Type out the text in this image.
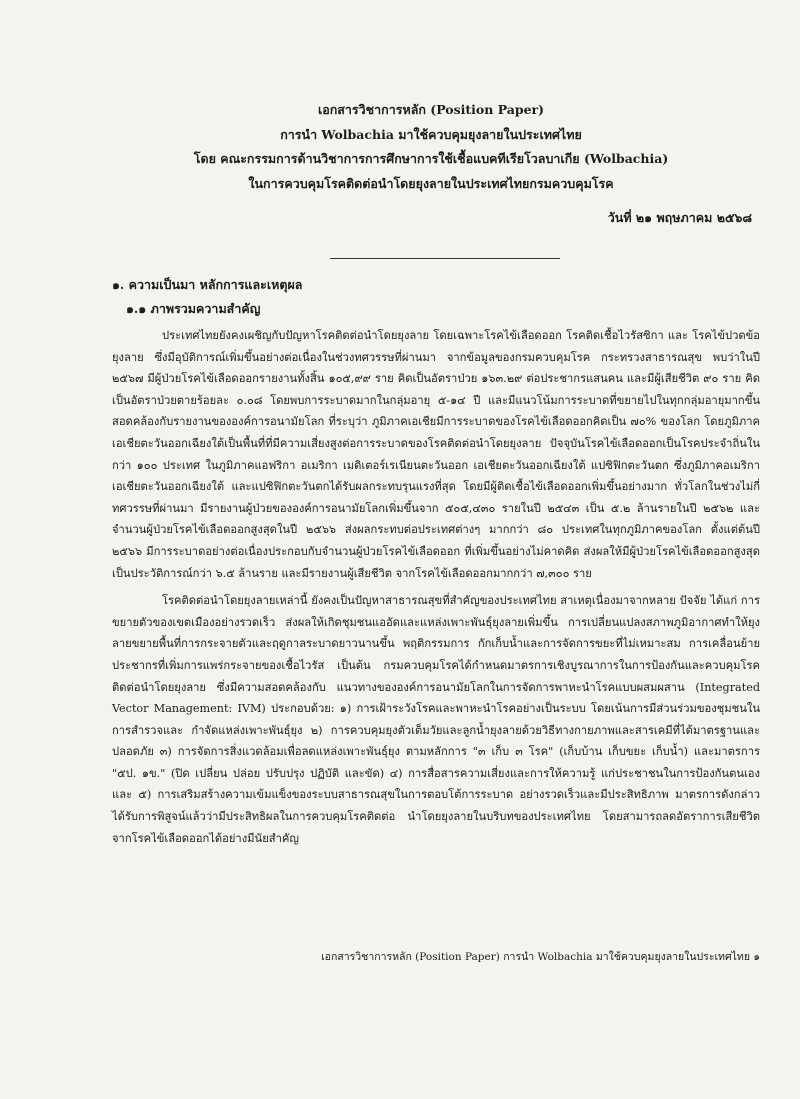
เอกสารวิชาการหลัก (Position Paper)
การนำ Wolbachia มาใช้ควบคุมยุงลายในประเทศไทย
โดย คณะกรรมการด้านวิชาการการศึกษาการใช้เชื้อแบคทีเรียโวลบาเกีย (Wolbachia)
ในการควบคุมโรคติดต่อนำโดยยุงลายในประเทศไทยกรมควบคุมโรค
วันที่ ๒๑ พฤษภาคม ๒๕๖๘
๑. ความเป็นมา หลักการและเหตุผล
๑.๑ ภาพรวมความสำคัญ

ประเทศไทยยังคงเผชิญกับปัญหาโรคติดต่อนำโดยยุงลาย โดยเฉพาะโรคไข้เลือดออก โรคติดเชื้อไวรัสซิกา และ โรคไข้ปวดข้อยุงลาย ซึ่งมีอุบัติการณ์เพิ่มขึ้นอย่างต่อเนื่องในช่วงทศวรรษที่ผ่านมา จากข้อมูลของกรมควบคุมโรค กระทรวงสาธารณสุข พบว่าในปี ๒๕๖๗ มีผู้ป่วยโรคไข้เลือดออกรายงานทั้งสิ้น ๑๐๕,๙๙ ราย คิดเป็นอัตราป่วย ๑๖๓.๒๙ ต่อประชากรแสนคน และมีผู้เสียชีวิต ๙๐ ราย คิดเป็นอัตราป่วยตายร้อยละ ๐.๐๘ โดยพบการระบาดมากในกลุ่มอายุ ๕-๑๔ ปี และมีแนวโน้มการระบาดที่ขยายไปในทุกกลุ่มอายุมากขึ้น สอดคล้องกับรายงานขององค์การอนามัยโลก ที่ระบุว่า ภูมิภาคเอเชียมีการระบาดของโรคไข้เลือดออกคิดเป็น ๗๐% ของโลก โดยภูมิภาคเอเชียตะวันออกเฉียงใต้เป็นพื้นที่ที่มีความเสี่ยงสูงต่อการระบาดของโรคติดต่อนำโดยยุงลาย ปัจจุบันโรคไข้เลือดออกเป็นโรคประจำถิ่นในกว่า ๑๐๐ ประเทศ ในภูมิภาคแอฟริกา อเมริกา เมดิเตอร์เรเนียนตะวันออก เอเชียตะวันออกเฉียงใต้ แปซิฟิกตะวันตก ซึ่งภูมิภาคอเมริกา เอเชียตะวันออกเฉียงใต้ และแปซิฟิกตะวันตกได้รับผลกระทบรุนแรงที่สุด โดยมีผู้ติดเชื้อไข้เลือดออกเพิ่มขึ้นอย่างมาก ทั่วโลกในช่วงไม่กี่ทศวรรษที่ผ่านมา มีรายงานผู้ป่วยขององค์การอนามัยโลกเพิ่มขึ้นจาก ๕๐๕,๔๓๐ รายในปี ๒๕๔๓ เป็น ๕.๒ ล้านรายในปี ๒๕๖๒ และจำนวนผู้ป่วยโรคไข้เลือดออกสูงสุดในปี ๒๕๖๖ ส่งผลกระทบต่อประเทศต่างๆ มากกว่า ๘๐ ประเทศในทุกภูมิภาคของโลก ตั้งแต่ต้นปี ๒๕๖๖ มีการระบาดอย่างต่อเนื่องประกอบกับจำนวนผู้ป่วยโรคไข้เลือดออก ที่เพิ่มขึ้นอย่างไม่คาดคิด ส่งผลให้มีผู้ป่วยโรคไข้เลือดออกสูงสุดเป็นประวัติการณ์กว่า ๖.๕ ล้านราย และมีรายงานผู้เสียชีวิต จากโรคไข้เลือดออกมากกว่า ๗,๓๐๐ ราย

โรคติดต่อนำโดยยุงลายเหล่านี้ ยังคงเป็นปัญหาสาธารณสุขที่สำคัญของประเทศไทย สาเหตุเนื่องมาจากหลาย ปัจจัย ได้แก่ การขยายตัวของเขตเมืองอย่างรวดเร็ว ส่งผลให้เกิดชุมชนแออัดและแหล่งเพาะพันธุ์ยุงลายเพิ่มขึ้น การเปลี่ยนแปลงสภาพภูมิอากาศทำให้ยุงลายขยายพื้นที่การกระจายตัวและฤดูกาลระบาดยาวนานขึ้น พฤติกรรมการ กักเก็บน้ำและการจัดการขยะที่ไม่เหมาะสม การเคลื่อนย้ายประชากรที่เพิ่มการแพร่กระจายของเชื้อไวรัส เป็นต้น กรมควบคุมโรคได้กำหนดมาตรการเชิงบูรณาการในการป้องกันและควบคุมโรคติดต่อนำโดยยุงลาย ซึ่งมีความสอดคล้องกับ แนวทางขององค์การอนามัยโลกในการจัดการพาหะนำโรคแบบผสมผสาน (Integrated Vector Management: IVM) ประกอบด้วย: ๑) การเฝ้าระวังโรคและพาหะนำโรคอย่างเป็นระบบ โดยเน้นการมีส่วนร่วมของชุมชนในการสำรวจและ กำจัดแหล่งเพาะพันธุ์ยุง ๒) การควบคุมยุงตัวเต็มวัยและลูกน้ำยุงลายด้วยวิธีทางกายภาพและสารเคมีที่ได้มาตรฐานและ ปลอดภัย ๓) การจัดการสิ่งแวดล้อมเพื่อลดแหล่งเพาะพันธุ์ยุง ตามหลักการ "๓ เก็บ ๓ โรค" (เก็บบ้าน เก็บขยะ เก็บน้ำ) และมาตรการ "๕ป. ๑ข." (ปิด เปลี่ยน ปล่อย ปรับปรุง ปฏิบัติ และขัด) ๔) การสื่อสารความเสี่ยงและการให้ความรู้ แก่ประชาชนในการป้องกันตนเอง และ ๕) การเสริมสร้างความเข้มแข็งของระบบสาธารณสุขในการตอบโต้การระบาด อย่างรวดเร็วและมีประสิทธิภาพ มาตรการดังกล่าวได้รับการพิสูจน์แล้วว่ามีประสิทธิผลในการควบคุมโรคติดต่อ นำโดยยุงลายในบริบทของประเทศไทย โดยสามารถลดอัตราการเสียชีวิตจากโรคไข้เลือดออกได้อย่างมีนัยสำคัญ

เอกสารวิชาการหลัก (Position Paper) การนำ Wolbachia มาใช้ควบคุมยุงลายในประเทศไทย ๑
